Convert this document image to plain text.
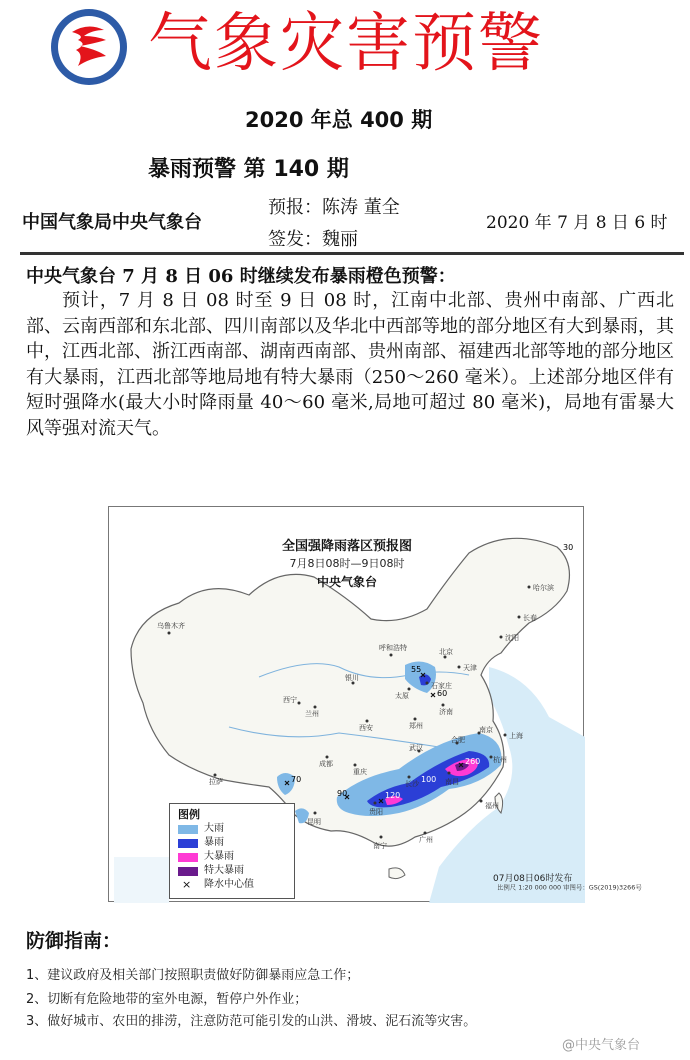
气象灾害预警
2020 年总 400 期
暴雨预警 第 140 期
中国气象局中央气象台
预报：陈涛 董全
签发：魏丽
2020 年 7 月 8 日 6 时
中央气象台 7 月 8 日 06 时继续发布暴雨橙色预警：
预计，7 月 8 日 08 时至 9 日 08 时，江南中北部、贵州中南部、广西北部、云南西部和东北部、四川南部以及华北中西部等地的部分地区有大到暴雨，其中，江西北部、浙江西南部、湖南西南部、贵州南部、福建西北部等地的部分地区有大暴雨，江西北部等地局地有特大暴雨（250～260 毫米）。上述部分地区伴有短时强降水(最大小时降雨量 40～60 毫米,局地可超过 80 毫米)，局地有雷暴大风等强对流天气。
全国强降雨落区预报图
7月8日08时—9日08时
中央气象台
乌鲁木齐
呼和浩特	北京
天津
石家庄
太原
济南
郑州
西安
兰州
西宁
银川
武汉
合肥
南京
上海
杭州
南昌
长沙
贵阳
昆明
成都
重庆
南宁
广州
福州
拉萨
哈尔滨
长春
沈阳
55
60
70
120
100
260
90
30
图例
大雨
暴雨
大暴雨
特大暴雨
× 降水中心值	07月08日06时发布
比例尺 1:20 000 000 审图号：GS(2019)3266号
防御指南：
1、建议政府及相关部门按照职责做好防御暴雨应急工作；
2、切断有危险地带的室外电源，暂停户外作业；
3、做好城市、农田的排涝，注意防范可能引发的山洪、滑坡、泥石流等灾害。
@中央气象台
